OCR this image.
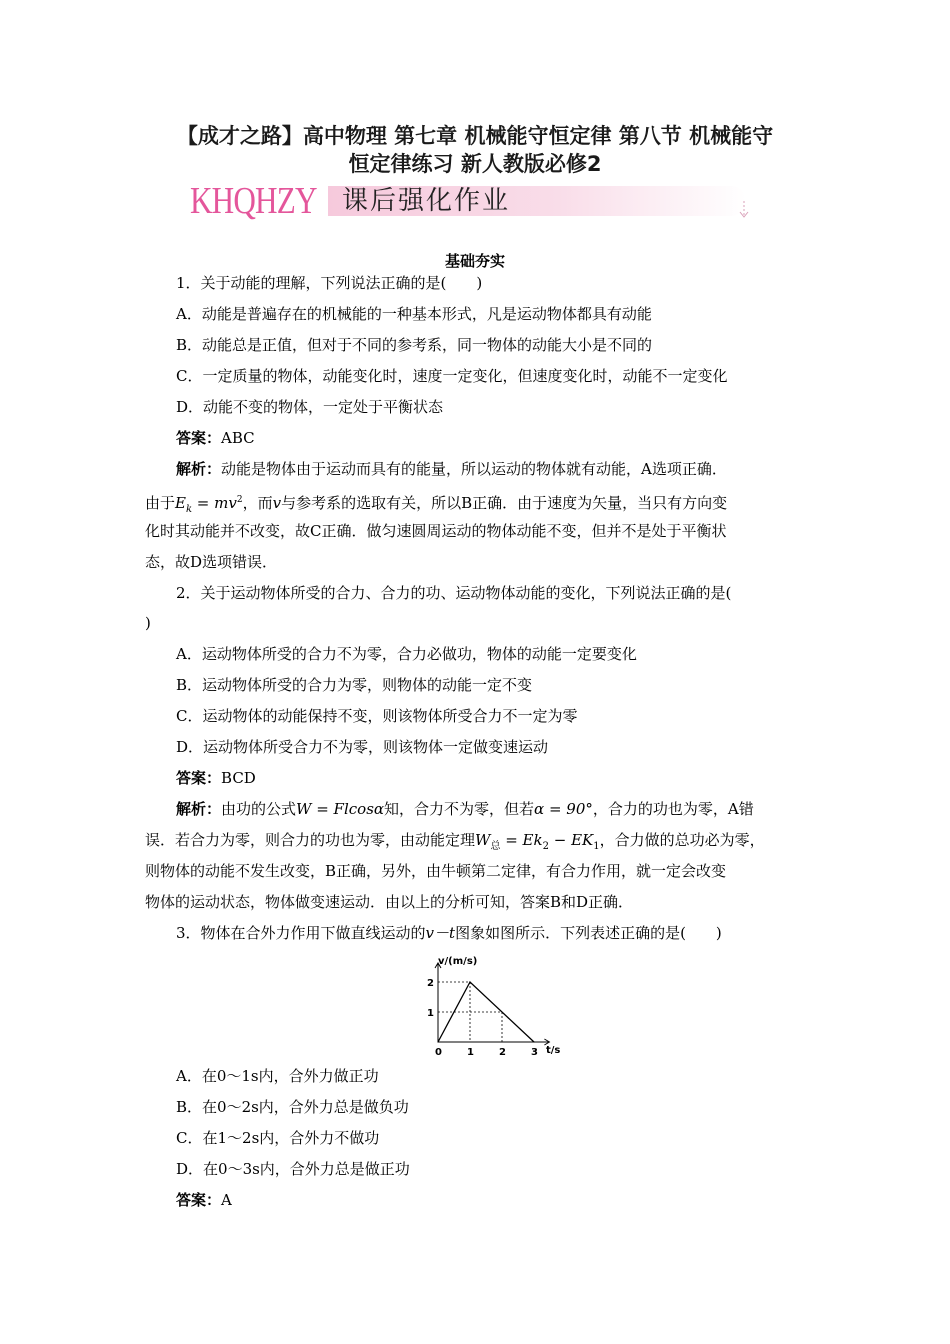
【成才之路】高中物理 第七章 机械能守恒定律 第八节 机械能守
恒定律练习 新人教版必修2
KHQHZY 课后强化作业
基础夯实
1．关于动能的理解，下列说法正确的是(　　)
A．动能是普遍存在的机械能的一种基本形式，凡是运动物体都具有动能
B．动能总是正值，但对于不同的参考系，同一物体的动能大小是不同的
C．一定质量的物体，动能变化时，速度一定变化，但速度变化时，动能不一定变化
D．动能不变的物体，一定处于平衡状态
答案：ABC
解析：动能是物体由于运动而具有的能量，所以运动的物体就有动能，A选项正确．
由于$E_k = mv^2$，而v与参考系的选取有关，所以B正确．由于速度为矢量，当只有方向变
化时其动能并不改变，故C正确．做匀速圆周运动的物体动能不变，但并不是处于平衡状
态，故D选项错误．
2．关于运动物体所受的合力、合力的功、运动物体动能的变化，下列说法正确的是(
)
A．运动物体所受的合力不为零，合力必做功，物体的动能一定要变化
B．运动物体所受的合力为零，则物体的动能一定不变
C．运动物体的动能保持不变，则该物体所受合力不一定为零
D．运动物体所受合力不为零，则该物体一定做变速运动
答案：BCD
解析：由功的公式W = Flcosα知，合力不为零，但若α = 90°，合力的功也为零，A错
误．若合力为零，则合力的功也为零，由动能定理$W_总 = Ek_2 - EK_1$，合力做的总功必为零，
则物体的动能不发生改变，B正确，另外，由牛顿第二定律，有合力作用，就一定会改变
物体的运动状态，物体做变速运动．由以上的分析可知，答案B和D正确．
3．物体在合外力作用下做直线运动的v－t图象如图所示．下列表述正确的是(　　)
v/(m/s)
t/s
0	1	2	3
1
2
A．在0～1s内，合外力做正功
B．在0～2s内，合外力总是做负功
C．在1～2s内，合外力不做功
D．在0～3s内，合外力总是做正功
答案：A
